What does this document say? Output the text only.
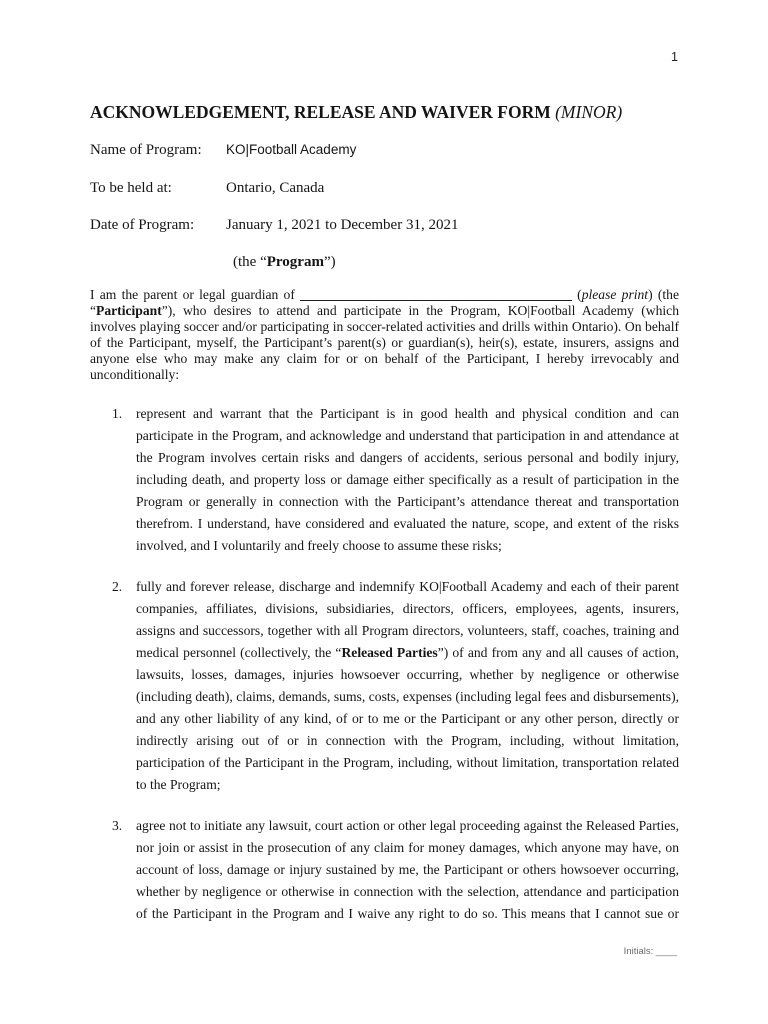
1
ACKNOWLEDGEMENT, RELEASE AND WAIVER FORM (MINOR)
Name of Program: KO|Football Academy
To be held at:	Ontario, Canada
Date of Program: January 1, 2021 to December 31, 2021
(the “Program”)
I am the parent or legal guardian of ________________________________________ (please print) (the
“Participant”), who desires to attend and participate in the Program, KO|Football Academy (which
involves playing soccer and/or participating in soccer-related activities and drills within Ontario). On behalf
of the Participant, myself, the Participant’s parent(s) or guardian(s), heir(s), estate, insurers, assigns and
anyone else who may make any claim for or on behalf of the Participant, I hereby irrevocably and
unconditionally:
1. represent and warrant that the Participant is in good health and physical condition and can
participate in the Program, and acknowledge and understand that participation in and attendance at
the Program involves certain risks and dangers of accidents, serious personal and bodily injury,
including death, and property loss or damage either specifically as a result of participation in the
Program or generally in connection with the Participant’s attendance thereat and transportation
therefrom. I understand, have considered and evaluated the nature, scope, and extent of the risks
involved, and I voluntarily and freely choose to assume these risks;
2. fully and forever release, discharge and indemnify KO|Football Academy and each of their parent
companies, affiliates, divisions, subsidiaries, directors, officers, employees, agents, insurers,
assigns and successors, together with all Program directors, volunteers, staff, coaches, training and
medical personnel (collectively, the “Released Parties”) of and from any and all causes of action,
lawsuits, losses, damages, injuries howsoever occurring, whether by negligence or otherwise
(including death), claims, demands, sums, costs, expenses (including legal fees and disbursements),
and any other liability of any kind, of or to me or the Participant or any other person, directly or
indirectly arising out of or in connection with the Program, including, without limitation,
participation of the Participant in the Program, including, without limitation, transportation related
to the Program;
3. agree not to initiate any lawsuit, court action or other legal proceeding against the Released Parties,
nor join or assist in the prosecution of any claim for money damages, which anyone may have, on
account of loss, damage or injury sustained by me, the Participant or others howsoever occurring,
whether by negligence or otherwise in connection with the selection, attendance and participation
of the Participant in the Program and I waive any right to do so. This means that I cannot sue or
Initials: ____
